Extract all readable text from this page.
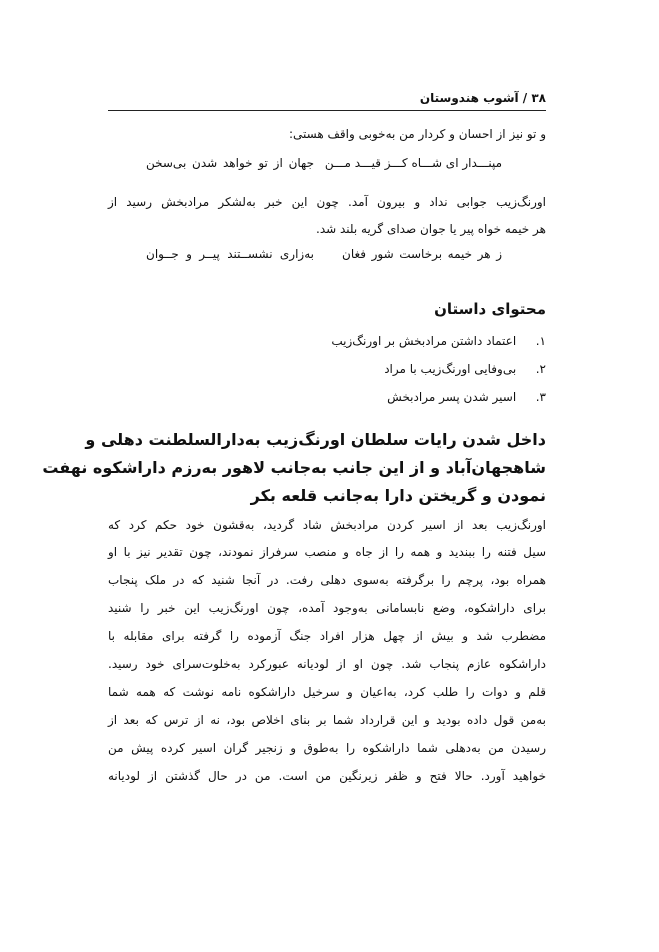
۳۸ / آشوب هندوستان
و تو نیز از احسان و کردار من به‌خوبی واقف هستی:
مپنـــدار ای شـــاه کـــز قیـــد مـــن
جهان از تو خواهد شدن بی‌سخن
اورنگ‌زیب جوابی نداد و بیرون آمد. چون این خبر به‌لشکر مرادبخش رسید از
هر خیمه خواه پیر یا جوان صدای گریه بلند شد.
ز هر خیمه برخاست شور فغان
به‌زاری نشســتند پیــر و جــوان
محتوای داستان
۱. اعتماد داشتن مرادبخش بر اورنگ‌زیب
۲. بی‌وفایی اورنگ‌زیب با مراد
۳. اسیر شدن پسر مرادبخش
داخل شدن رایات سلطان اورنگ‌زیب به‌دارالسلطنت دهلی و
شاهجهان‌آباد و از این جانب به‌جانب لاهور به‌رزم داراشکوه نهفت
نمودن و گریختن دارا به‌جانب قلعه بکر
اورنگ‌زیب بعد از اسیر کردن مرادبخش شاد گردید، به‌قشون خود حکم کرد که
سیل فتنه را ببندید و همه را از جاه و منصب سرفراز نمودند، چون تقدیر نیز با او
همراه بود، پرچم را برگرفته به‌سوی دهلی رفت. در آنجا شنید که در ملک پنجاب
برای داراشکوه، وضع نابسامانی به‌وجود آمده، چون اورنگ‌زیب این خبر را شنید
مضطرب شد و بیش از چهل هزار افراد جنگ آزموده را گرفته برای مقابله با
داراشکوه عازم پنجاب شد. چون او از لودیانه عبورکرد به‌خلوت‌سرای خود رسید.
قلم و دوات را طلب کرد، به‌اعیان و سرخیل داراشکوه نامه نوشت که همه شما
به‌من قول داده بودید و این قرارداد شما بر بنای اخلاص بود، نه از ترس که بعد از
رسیدن من به‌دهلی شما داراشکوه را به‌طوق و زنجیر گران اسیر کرده پیش من
خواهید آورد. حالا فتح و ظفر زیرنگین من است. من در حال گذشتن از لودیانه
